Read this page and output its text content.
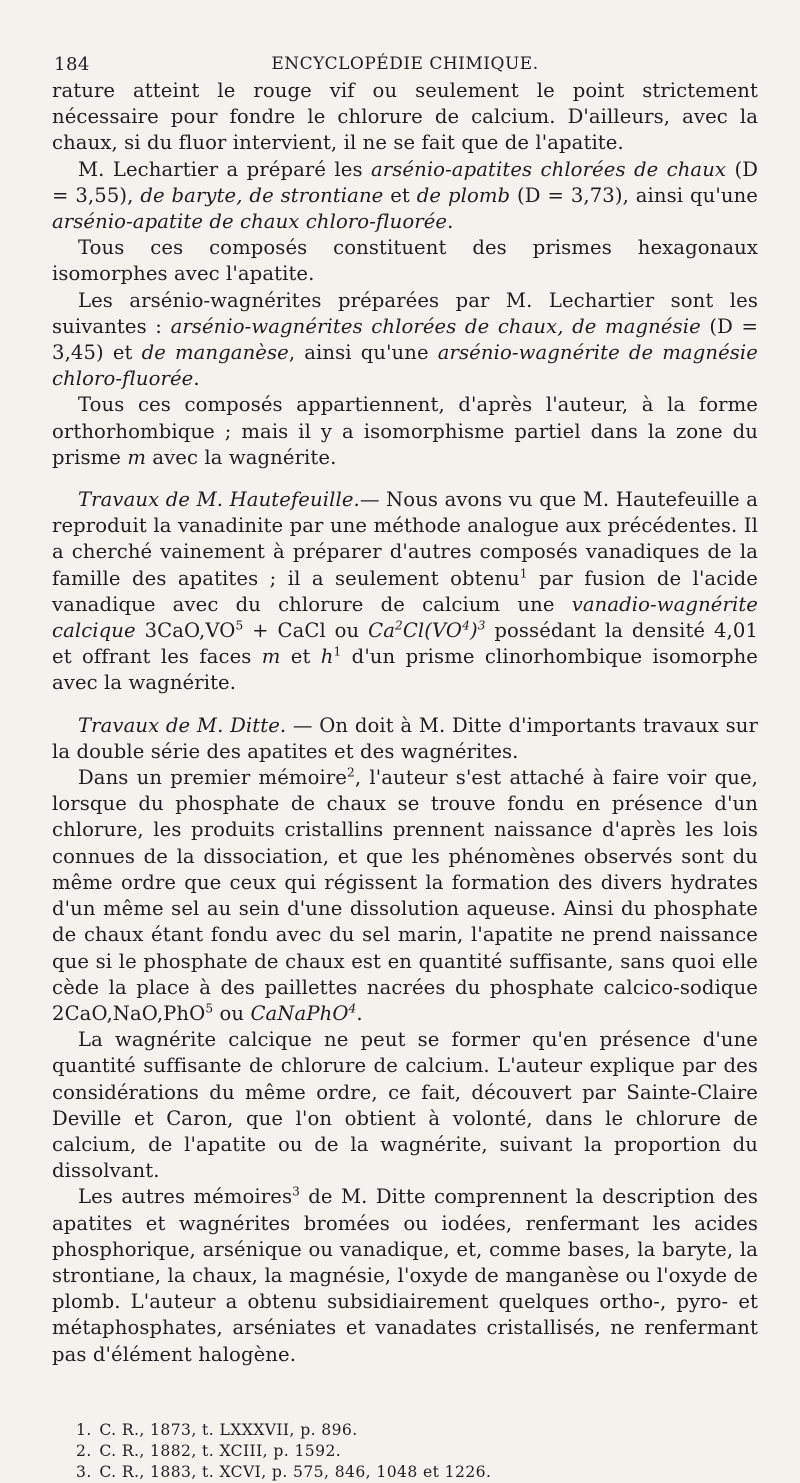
184	ENCYCLOPÉDIE CHIMIQUE.

rature atteint le rouge vif ou seulement le point strictement nécessaire pour fondre le chlorure de calcium. D'ailleurs, avec la chaux, si du fluor intervient, il ne se fait que de l'apatite.

M. Lechartier a préparé les arsénio-apatites chlorées de chaux (D = 3,55), de baryte, de strontiane et de plomb (D = 3,73), ainsi qu'une arsénio-apatite de chaux chloro-fluorée.

Tous ces composés constituent des prismes hexagonaux isomorphes avec l'apatite.

Les arsénio-wagnérites préparées par M. Lechartier sont les suivantes : arsénio-wagnérites chlorées de chaux, de magnésie (D = 3,45) et de manganèse, ainsi qu'une arsénio-wagnérite de magnésie chloro-fluorée.

Tous ces composés appartiennent, d'après l'auteur, à la forme orthorhombique ; mais il y a isomorphisme partiel dans la zone du prisme m avec la wagnérite.

Travaux de M. Hautefeuille.— Nous avons vu que M. Hautefeuille a reproduit la vanadinite par une méthode analogue aux précédentes. Il a cherché vainement à préparer d'autres composés vanadiques de la famille des apatites ; il a seulement obtenu$^1$ par fusion de l'acide vanadique avec du chlorure de calcium une vanadio-wagnérite calcique $3CaO,VO^5$ + CaCl ou $Ca^2Cl(VO^4)^3$ possédant la densité 4,01 et offrant les faces m et $h^1$ d'un prisme clinorhombique isomorphe avec la wagnérite.

Travaux de M. Ditte. — On doit à M. Ditte d'importants travaux sur la double série des apatites et des wagnérites.

Dans un premier mémoire$^2$, l'auteur s'est attaché à faire voir que, lorsque du phosphate de chaux se trouve fondu en présence d'un chlorure, les produits cristallins prennent naissance d'après les lois connues de la dissociation, et que les phénomènes observés sont du même ordre que ceux qui régissent la formation des divers hydrates d'un même sel au sein d'une dissolution aqueuse. Ainsi du phosphate de chaux étant fondu avec du sel marin, l'apatite ne prend naissance que si le phosphate de chaux est en quantité suffisante, sans quoi elle cède la place à des paillettes nacrées du phosphate calcico-sodique 2CaO,NaO,PhO$^5$ ou CaNaPhO$^4$.

La wagnérite calcique ne peut se former qu'en présence d'une quantité suffisante de chlorure de calcium. L'auteur explique par des considérations du même ordre, ce fait, découvert par Sainte-Claire Deville et Caron, que l'on obtient à volonté, dans le chlorure de calcium, de l'apatite ou de la wagnérite, suivant la proportion du dissolvant.

Les autres mémoires$^3$ de M. Ditte comprennent la description des apatites et wagnérites bromées ou iodées, renfermant les acides phosphorique, arsénique ou vanadique, et, comme bases, la baryte, la strontiane, la chaux, la magnésie, l'oxyde de manganèse ou l'oxyde de plomb. L'auteur a obtenu subsidiairement quelques ortho-, pyro- et métaphosphates, arséniates et vanadates cristallisés, ne renfermant pas d'élément halogène.

1. C. R., 1873, t. LXXXVII, p. 896.
2. C. R., 1882, t. XCIII, p. 1592.
3. C. R., 1883, t. XCVI, p. 575, 846, 1048 et 1226.
